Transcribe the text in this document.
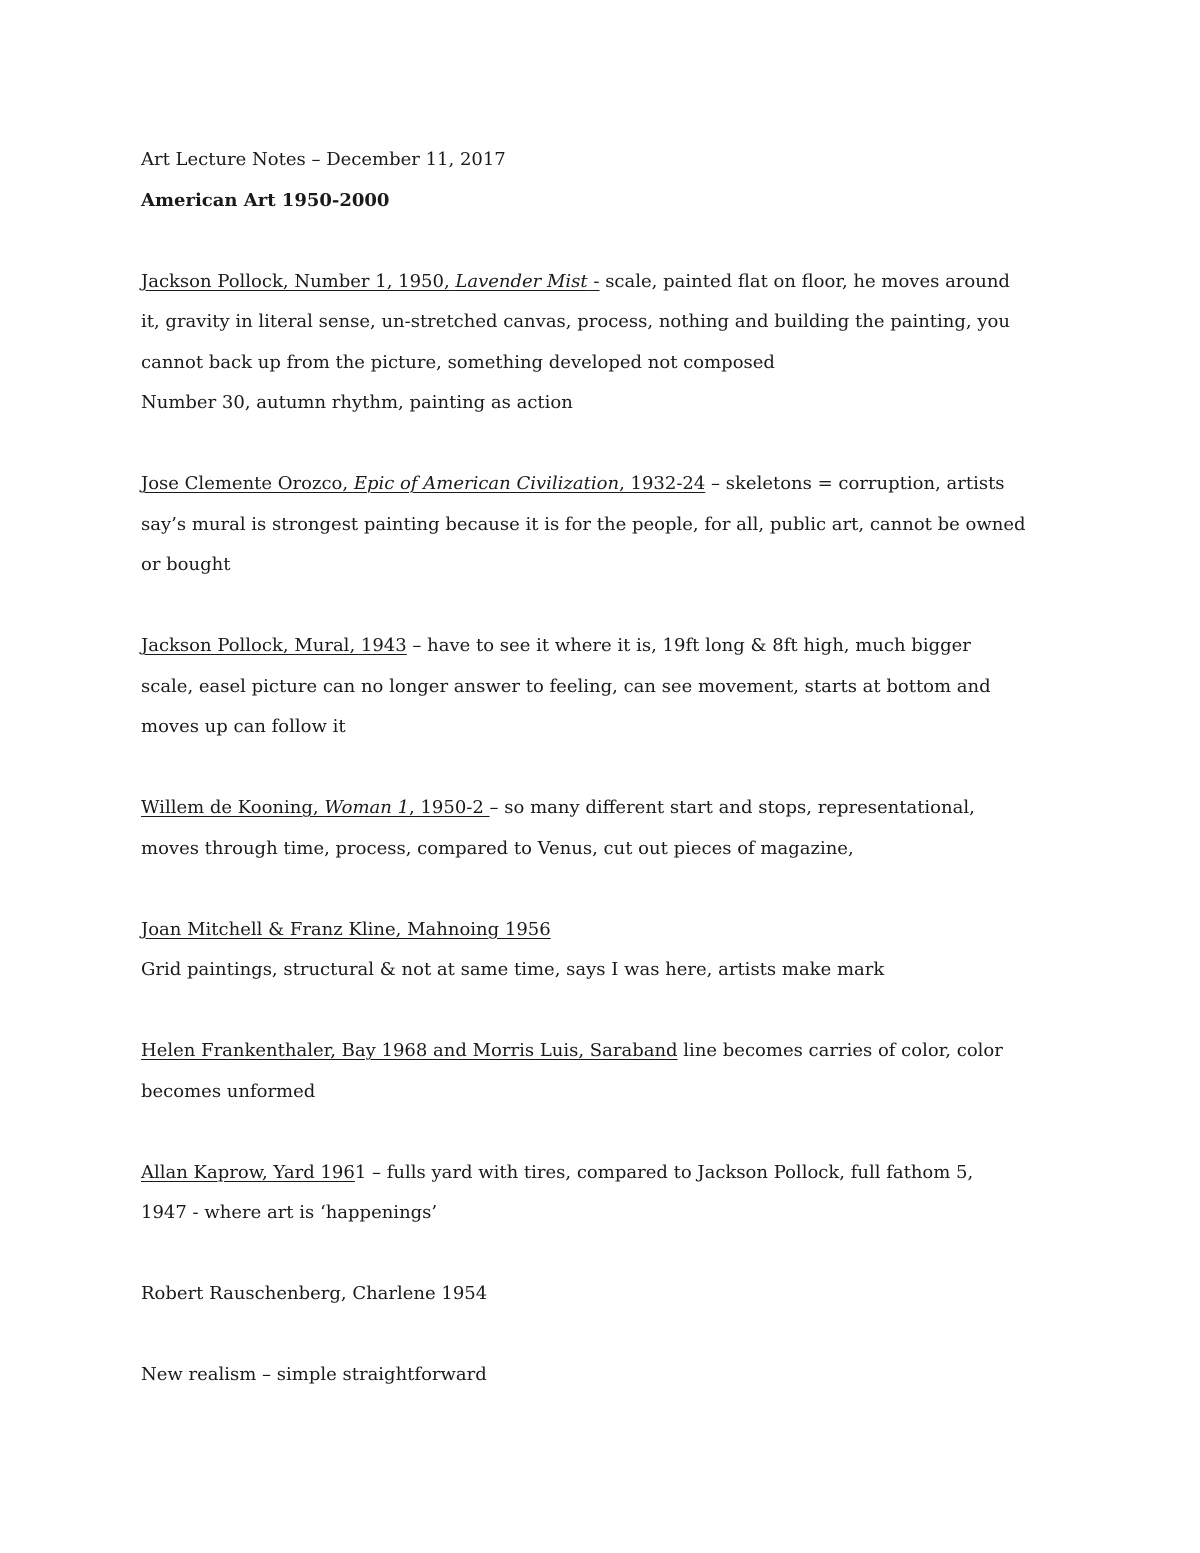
Art Lecture Notes – December 11, 2017
American Art 1950-2000

Jackson Pollock, Number 1, 1950, Lavender Mist - scale, painted flat on floor, he moves around
it, gravity in literal sense, un-stretched canvas, process, nothing and building the painting, you
cannot back up from the picture, something developed not composed
Number 30, autumn rhythm, painting as action

Jose Clemente Orozco, Epic of American Civilization, 1932-24 – skeletons = corruption, artists
say’s mural is strongest painting because it is for the people, for all, public art, cannot be owned
or bought

Jackson Pollock, Mural, 1943 – have to see it where it is, 19ft long & 8ft high, much bigger
scale, easel picture can no longer answer to feeling, can see movement, starts at bottom and
moves up can follow it

Willem de Kooning, Woman 1, 1950-2 – so many different start and stops, representational,
moves through time, process, compared to Venus, cut out pieces of magazine,

Joan Mitchell & Franz Kline, Mahnoing 1956
Grid paintings, structural & not at same time, says I was here, artists make mark

Helen Frankenthaler, Bay 1968 and Morris Luis, Saraband line becomes carries of color, color
becomes unformed

Allan Kaprow, Yard 1961 – fulls yard with tires, compared to Jackson Pollock, full fathom 5,
1947 - where art is ‘happenings’

Robert Rauschenberg, Charlene 1954
New realism – simple straightforward
